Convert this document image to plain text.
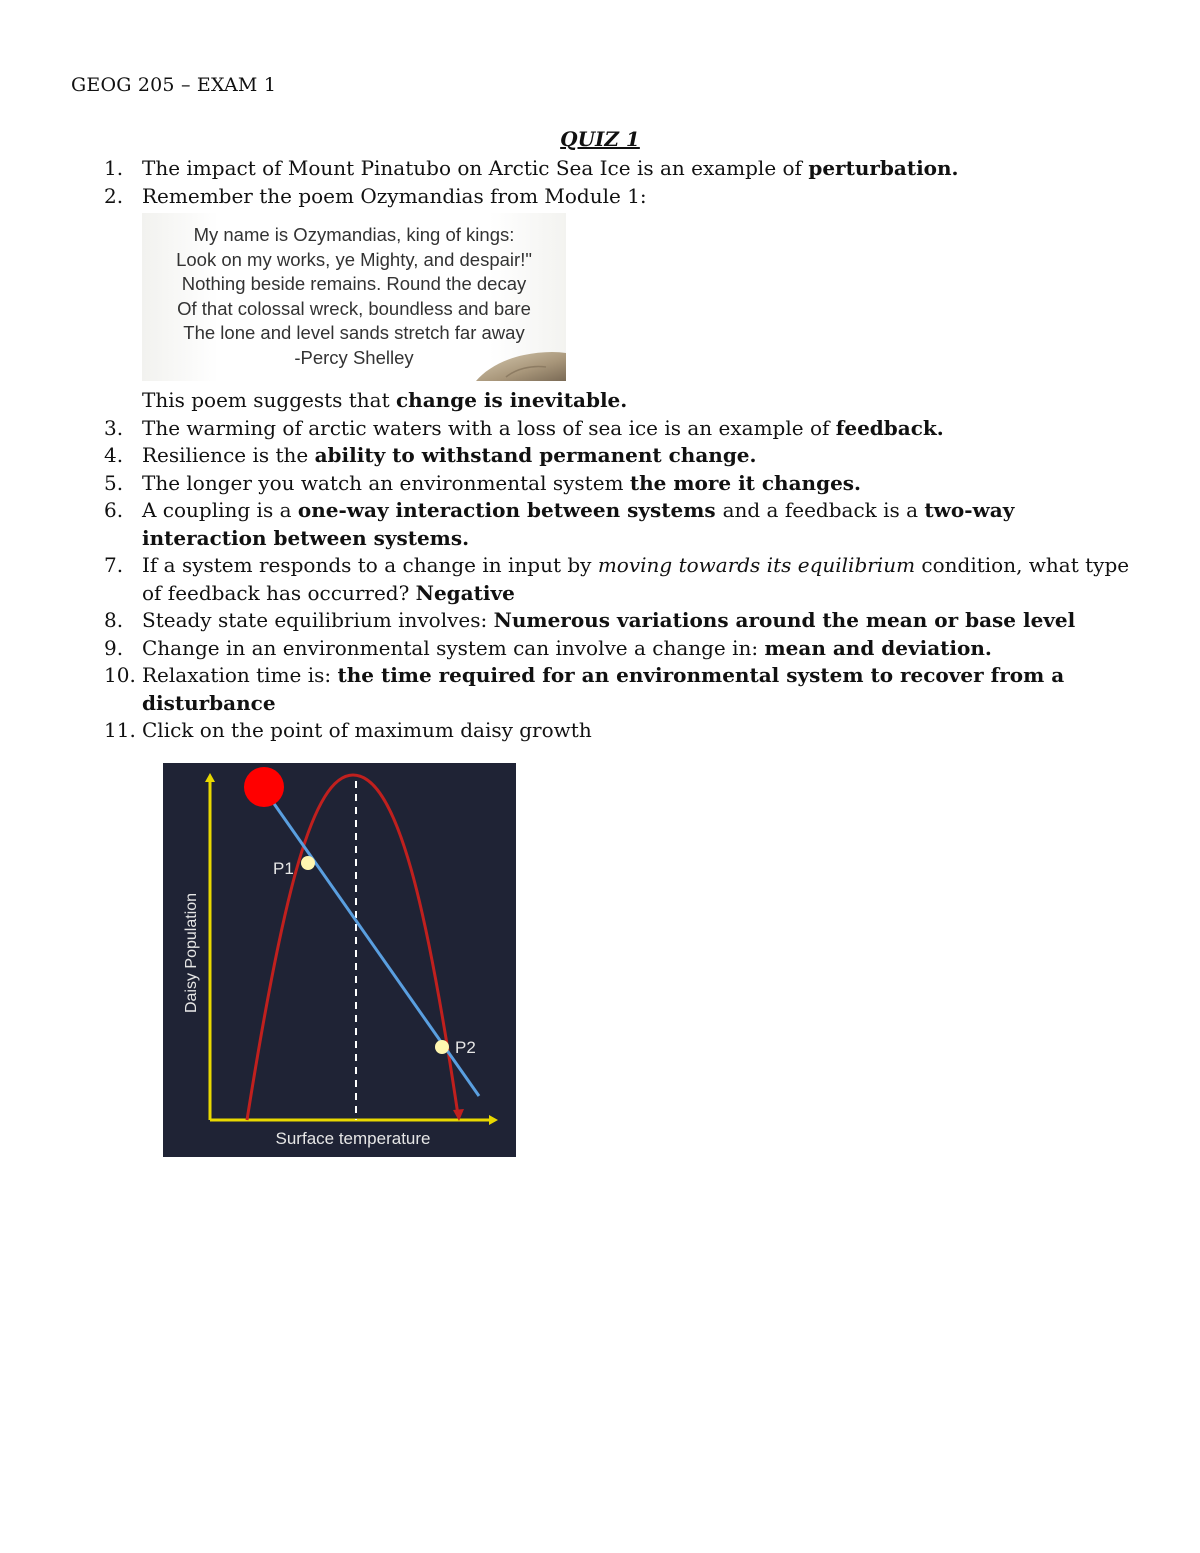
GEOG 205 – EXAM 1
QUIZ 1
1. The impact of Mount Pinatubo on Arctic Sea Ice is an example of perturbation.
2. Remember the poem Ozymandias from Module 1:
My name is Ozymandias, king of kings:
Look on my works, ye Mighty, and despair!"
Nothing beside remains. Round the decay
Of that colossal wreck, boundless and bare
The lone and level sands stretch far away
-Percy Shelley
This poem suggests that change is inevitable.
3. The warming of arctic waters with a loss of sea ice is an example of feedback.
4. Resilience is the ability to withstand permanent change.
5. The longer you watch an environmental system the more it changes.
6. A coupling is a one-way interaction between systems and a feedback is a two-way interaction between systems.
7. If a system responds to a change in input by moving towards its equilibrium condition, what type of feedback has occurred? Negative
8. Steady state equilibrium involves: Numerous variations around the mean or base level
9. Change in an environmental system can involve a change in: mean and deviation.
10. Relaxation time is: the time required for an environmental system to recover from a disturbance
11. Click on the point of maximum daisy growth
P1
P2
Surface temperature
Daisy Population
